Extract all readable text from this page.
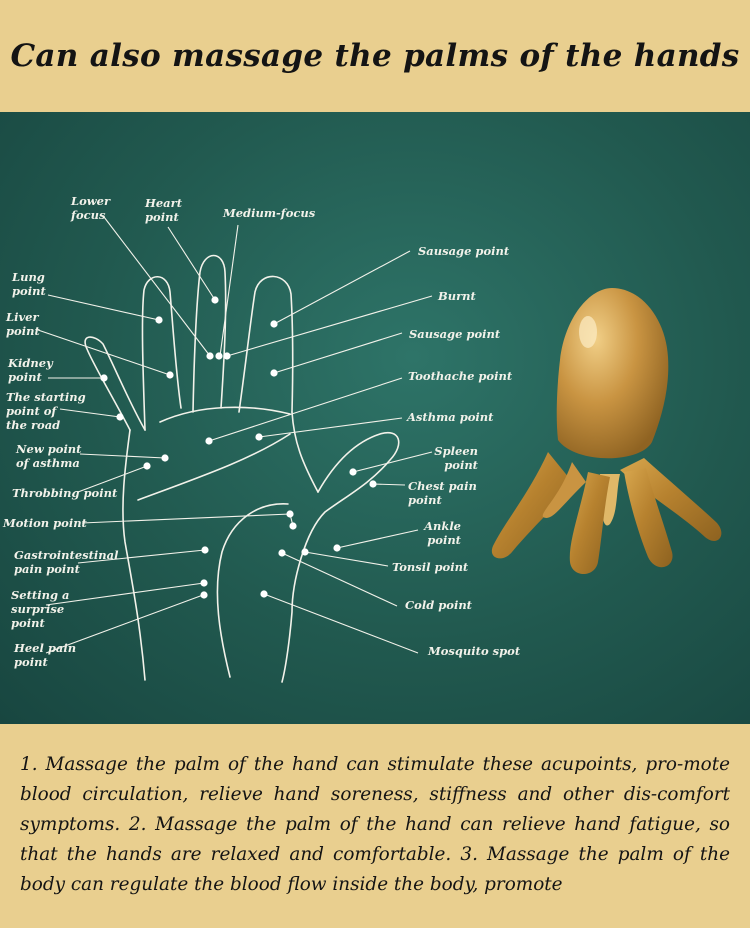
Can also massage the palms of the hands
Lower
focus
Heart
point	Medium-focus
Sausage point
Lung
point	Burnt
Liver
point	Sausage point
Kidney
point	Toothache point
The starting
point of
the road
Asthma point
New point
of asthma
Spleen
point
Throbbing point	Chest pain
point
Motion point	Ankle
point
Gastrointestinal
pain point	Tonsil point
Setting a
surprise
point
Cold point
Heel pain
point
Mosquito spot

1. Massage the palm of the hand can stimulate these acupoints, pro-mote blood circulation, relieve hand soreness, stiffness and other dis-comfort symptoms. 2. Massage the palm of the hand can relieve hand fatigue, so that the hands are relaxed and comfortable. 3. Massage the palm of the body can regulate the blood flow inside the body, promote
